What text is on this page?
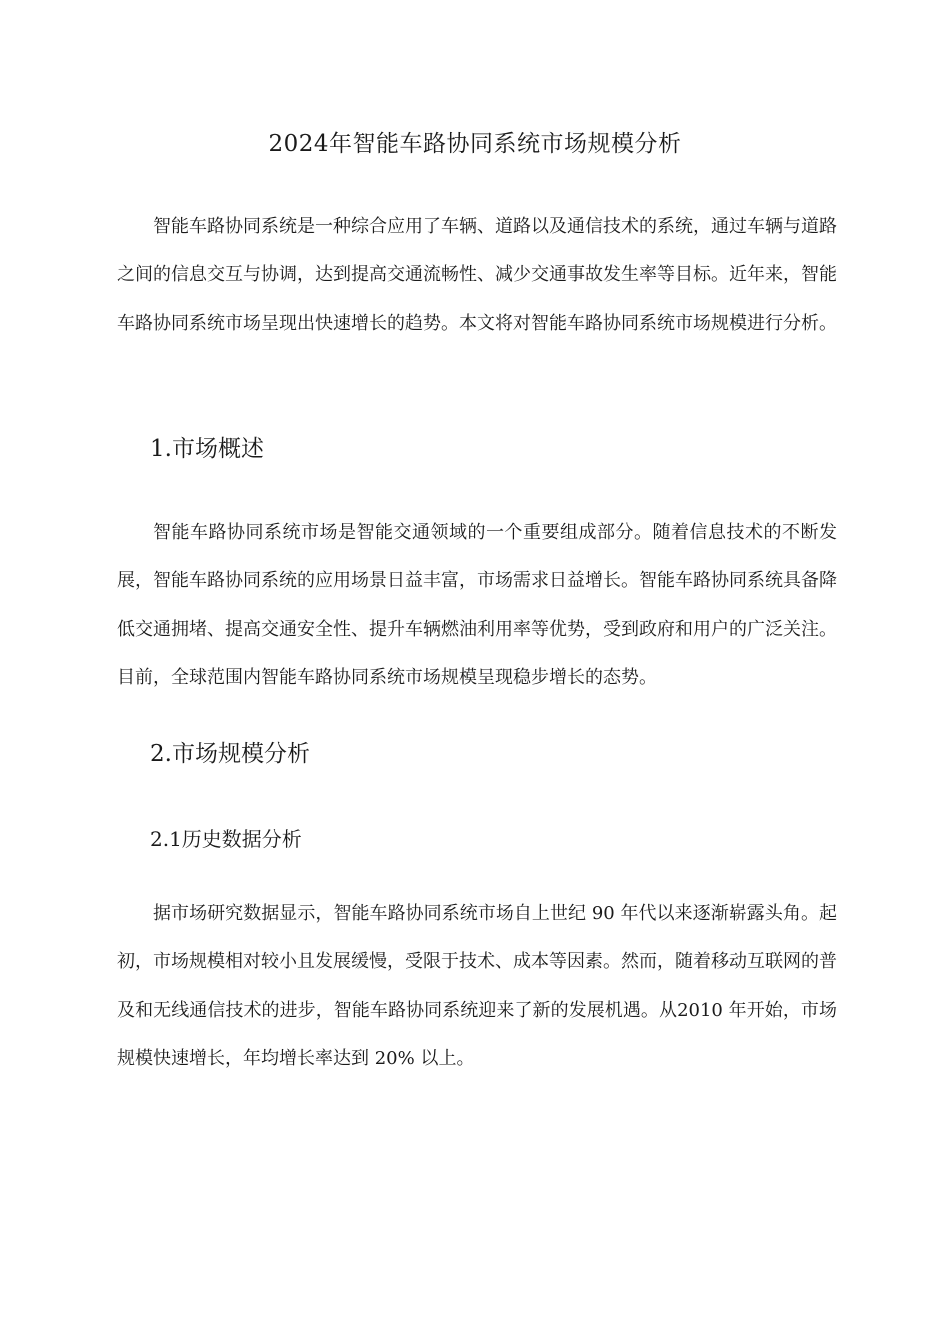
2024年智能车路协同系统市场规模分析

智能车路协同系统是一种综合应用了车辆、道路以及通信技术的系统，通过车辆与道路之间的信息交互与协调，达到提高交通流畅性、减少交通事故发生率等目标。近年来，智能车路协同系统市场呈现出快速增长的趋势。本文将对智能车路协同系统市场规模进行分析。

1.市场概述

智能车路协同系统市场是智能交通领域的一个重要组成部分。随着信息技术的不断发展，智能车路协同系统的应用场景日益丰富，市场需求日益增长。智能车路协同系统具备降低交通拥堵、提高交通安全性、提升车辆燃油利用率等优势，受到政府和用户的广泛关注。目前，全球范围内智能车路协同系统市场规模呈现稳步增长的态势。

2.市场规模分析
2.1历史数据分析

据市场研究数据显示，智能车路协同系统市场自上世纪 90 年代以来逐渐崭露头角。起初，市场规模相对较小且发展缓慢，受限于技术、成本等因素。然而，随着移动互联网的普及和无线通信技术的进步，智能车路协同系统迎来了新的发展机遇。从2010 年开始，市场规模快速增长，年均增长率达到 20% 以上。
